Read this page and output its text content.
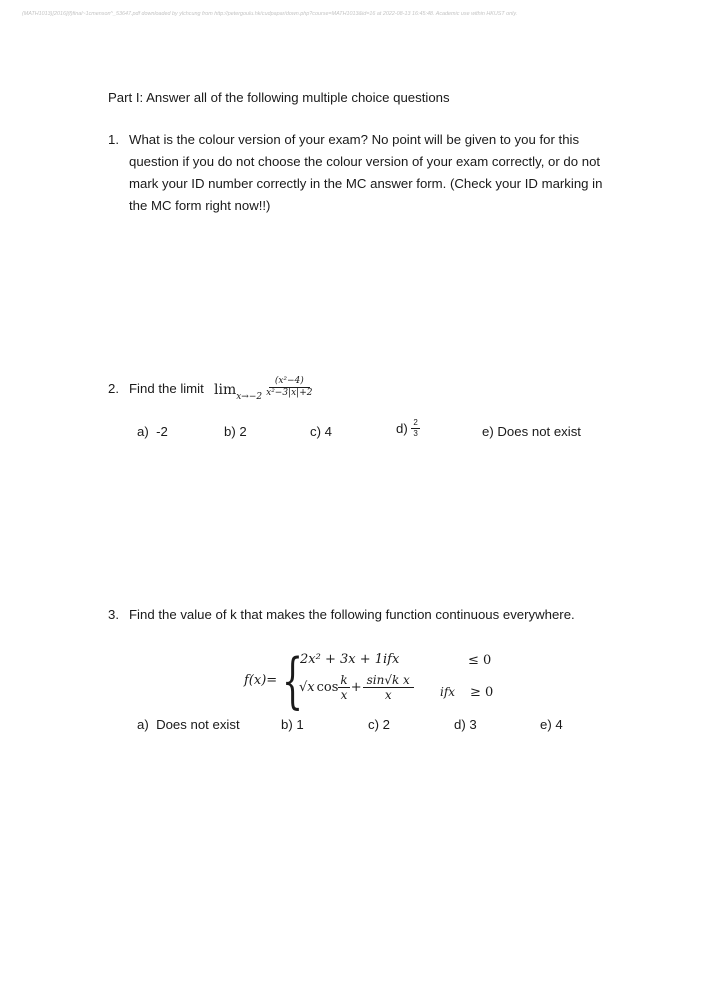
(MATH1013)[2016](f)final~1cmenson^_53647.pdf downloaded by ylchcung from http://petergoulu.hk/cudpapar/down.php?course=MATH1013&id=16 at 2022-08-13 16:45:48. Academic use within HKUST only.
Part I: Answer all of the following multiple choice questions
1. What is the colour version of your exam? No point will be given to you for this
question if you do not choose the colour version of your exam correctly, or do not
mark your ID number correctly in the MC answer form. (Check your ID marking in
the MC form right now!!)
2. Find the limit $\lim x\to-2 \frac{\text{(x²−4)}}{\text{x²−3|x|+2}}$
a) -2	b) 2	c) 4	d)
$\frac{2}{3}$	e) Does not exist
3. Find the value of k that makes the following function continuous everywhere.
f(x)= {
2x² + 3x + 1ifx	≤ 0
√x $\cos \frac{k}{x} + \frac{\text{sin√k x}}{x}$ ifx ≥ 0
a) Does not exist	b) 1	c) 2	d) 3	e) 4
